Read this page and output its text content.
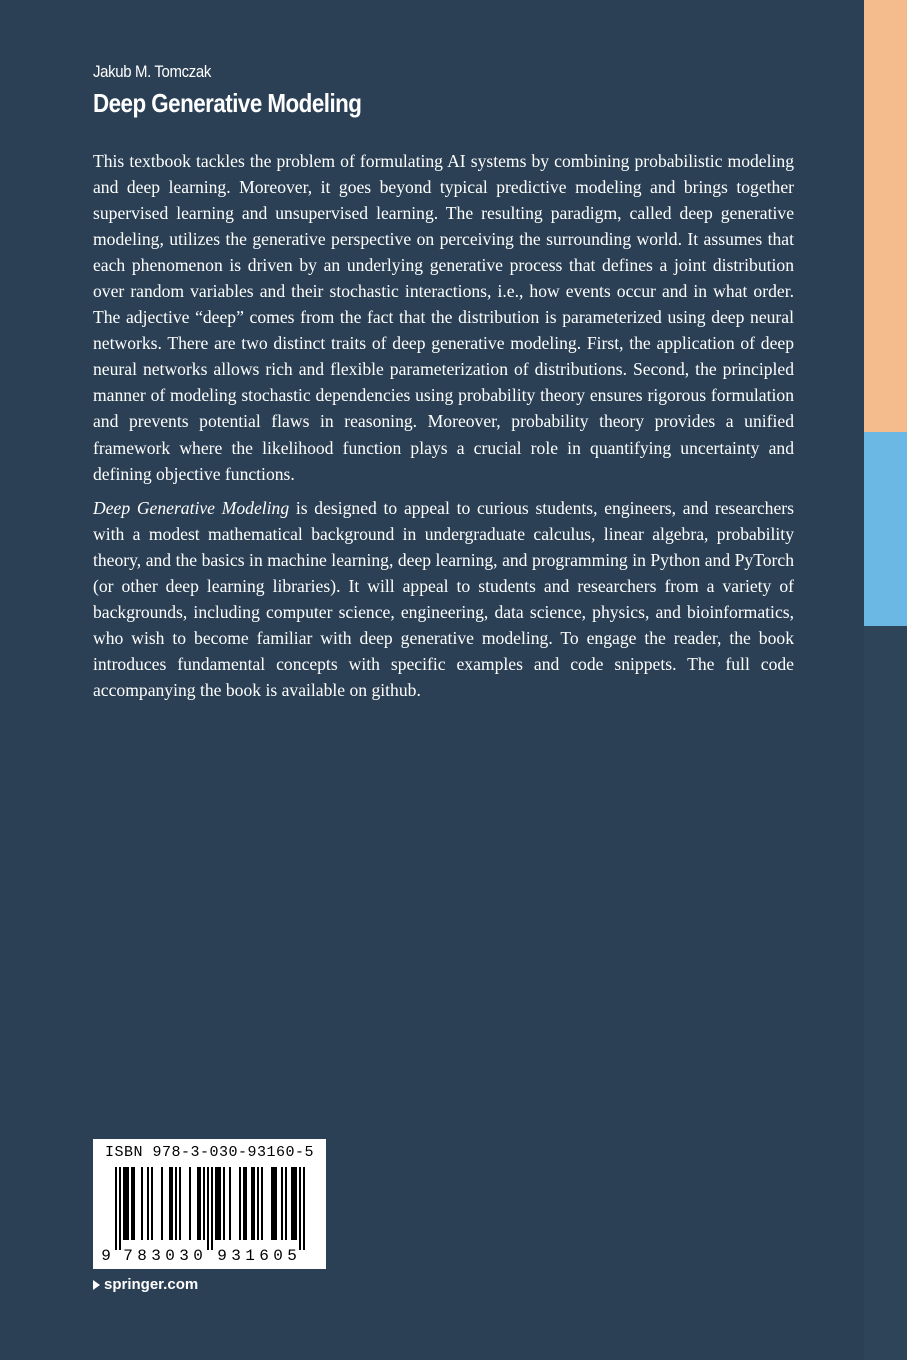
Jakub M. Tomczak
Deep Generative Modeling

This textbook tackles the problem of formulating AI systems by combining probabilistic modeling and deep learning. Moreover, it goes beyond typical predictive modeling and brings together supervised learning and unsupervised learning. The resulting paradigm, called deep generative modeling, utilizes the generative perspective on perceiving the surrounding world. It assumes that each phenomenon is driven by an underlying generative process that defines a joint distribution over random variables and their stochastic interactions, i.e., how events occur and in what order. The adjective “deep” comes from the fact that the distribution is parameterized using deep neural networks. There are two distinct traits of deep generative modeling. First, the application of deep neural networks allows rich and flexible parameterization of distributions. Second, the principled manner of modeling stochastic dependencies using probability theory ensures rigorous formulation and prevents potential flaws in reasoning. Moreover, probability theory provides a unified framework where the likelihood function plays a crucial role in quantifying uncertainty and defining objective functions.

Deep Generative Modeling is designed to appeal to curious students, engineers, and researchers with a modest mathematical background in undergraduate calculus, linear algebra, probability theory, and the basics in machine learning, deep learning, and programming in Python and PyTorch (or other deep learning libraries). It will appeal to students and researchers from a variety of backgrounds, including computer science, engineering, data science, physics, and bioinformatics, who wish to become familiar with deep generative modeling. To engage the reader, the book introduces fundamental concepts with specific examples and code snippets. The full code accompanying the book is available on github.

ISBN 978-3-030-93160-5
9 7 8 3 0 3 0 9 3 1 6 0 5
springer.com
